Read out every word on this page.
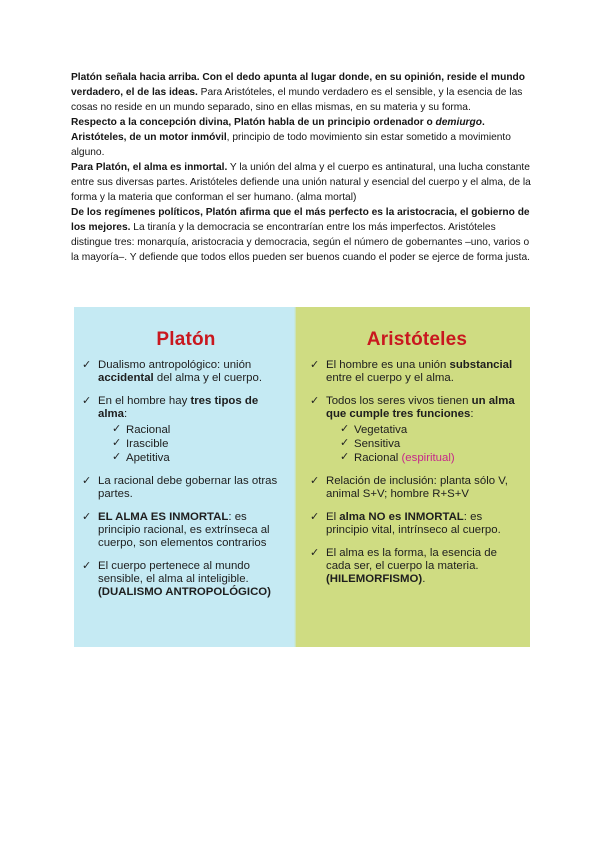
Platón señala hacia arriba. Con el dedo apunta al lugar donde, en su opinión, reside el mundo verdadero, el de las ideas. Para Aristóteles, el mundo verdadero es el sensible, y la esencia de las cosas no reside en un mundo separado, sino en ellas mismas, en su materia y su forma.

Respecto a la concepción divina, Platón habla de un principio ordenador o demiurgo. Aristóteles, de un motor inmóvil, principio de todo movimiento sin estar sometido a movimiento alguno.

Para Platón, el alma es inmortal. Y la unión del alma y el cuerpo es antinatural, una lucha constante entre sus diversas partes. Aristóteles defiende una unión natural y esencial del cuerpo y el alma, de la forma y la materia que conforman el ser humano. (alma mortal)

De los regímenes políticos, Platón afirma que el más perfecto es la aristocracia, el gobierno de los mejores. La tiranía y la democracia se encontrarían entre los más imperfectos. Aristóteles distingue tres: monarquía, aristocracia y democracia, según el número de gobernantes –uno, varios o la mayoría–. Y defiende que todos ellos pueden ser buenos cuando el poder se ejerce de forma justa.

Platón
✓ Dualismo antropológico: unión accidental del alma y el cuerpo.
✓ En el hombre hay tres tipos de alma:
✓ Racional
✓ Irascible
✓ Apetitiva
✓ La racional debe gobernar las otras partes.
✓ EL ALMA ES INMORTAL: es principio racional, es extrínseca al cuerpo, son elementos contrarios
✓ El cuerpo pertenece al mundo sensible, el alma al inteligible. (DUALISMO ANTROPOLÓGICO)
Aristóteles
✓ El hombre es una unión substancial entre el cuerpo y el alma.
✓ Todos los seres vivos tienen un alma que cumple tres funciones:
✓ Vegetativa
✓ Sensitiva
✓ Racional (espiritual)
✓ Relación de inclusión: planta sólo V, animal S+V; hombre R+S+V
✓ El alma NO es INMORTAL: es principio vital, intrínseco al cuerpo.
✓ El alma es la forma, la esencia de cada ser, el cuerpo la materia. (HILEMORFISMO).
